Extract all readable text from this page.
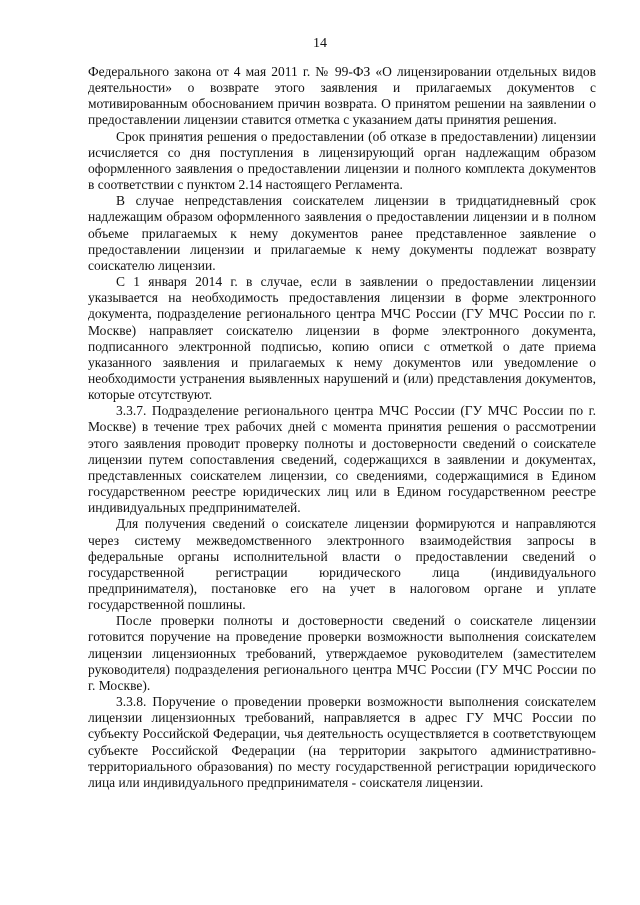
14

Федерального закона от 4 мая 2011 г. № 99-ФЗ «О лицензировании отдельных видов деятельности» о возврате этого заявления и прилагаемых документов с мотивированным обоснованием причин возврата. О принятом решении на заявлении о предоставлении лицензии ставится отметка с указанием даты принятия решения.

Срок принятия решения о предоставлении (об отказе в предоставлении) лицензии исчисляется со дня поступления в лицензирующий орган надлежащим образом оформленного заявления о предоставлении лицензии и полного комплекта документов в соответствии с пунктом 2.14 настоящего Регламента.

В случае непредставления соискателем лицензии в тридцатидневный срок надлежащим образом оформленного заявления о предоставлении лицензии и в полном объеме прилагаемых к нему документов ранее представленное заявление о предоставлении лицензии и прилагаемые к нему документы подлежат возврату соискателю лицензии.

С 1 января 2014 г. в случае, если в заявлении о предоставлении лицензии указывается на необходимость предоставления лицензии в форме электронного документа, подразделение регионального центра МЧС России (ГУ МЧС России по г. Москве) направляет соискателю лицензии в форме электронного документа, подписанного электронной подписью, копию описи с отметкой о дате приема указанного заявления и прилагаемых к нему документов или уведомление о необходимости устранения выявленных нарушений и (или) представления документов, которые отсутствуют.

3.3.7. Подразделение регионального центра МЧС России (ГУ МЧС России по г. Москве) в течение трех рабочих дней с момента принятия решения о рассмотрении этого заявления проводит проверку полноты и достоверности сведений о соискателе лицензии путем сопоставления сведений, содержащихся в заявлении и документах, представленных соискателем лицензии, со сведениями, содержащимися в Едином государственном реестре юридических лиц или в Едином государственном реестре индивидуальных предпринимателей.

Для получения сведений о соискателе лицензии формируются и направляются через систему межведомственного электронного взаимодействия запросы в федеральные органы исполнительной власти о предоставлении сведений о государственной регистрации юридического лица (индивидуального предпринимателя), постановке его на учет в налоговом органе и уплате государственной пошлины.

После проверки полноты и достоверности сведений о соискателе лицензии готовится поручение на проведение проверки возможности выполнения соискателем лицензии лицензионных требований, утверждаемое руководителем (заместителем руководителя) подразделения регионального центра МЧС России (ГУ МЧС России по г. Москве).

3.3.8. Поручение о проведении проверки возможности выполнения соискателем лицензии лицензионных требований, направляется в адрес ГУ МЧС России по субъекту Российской Федерации, чья деятельность осуществляется в соответствующем субъекте Российской Федерации (на территории закрытого административно-территориального образования) по месту государственной регистрации юридического лица или индивидуального предпринимателя - соискателя лицензии.
